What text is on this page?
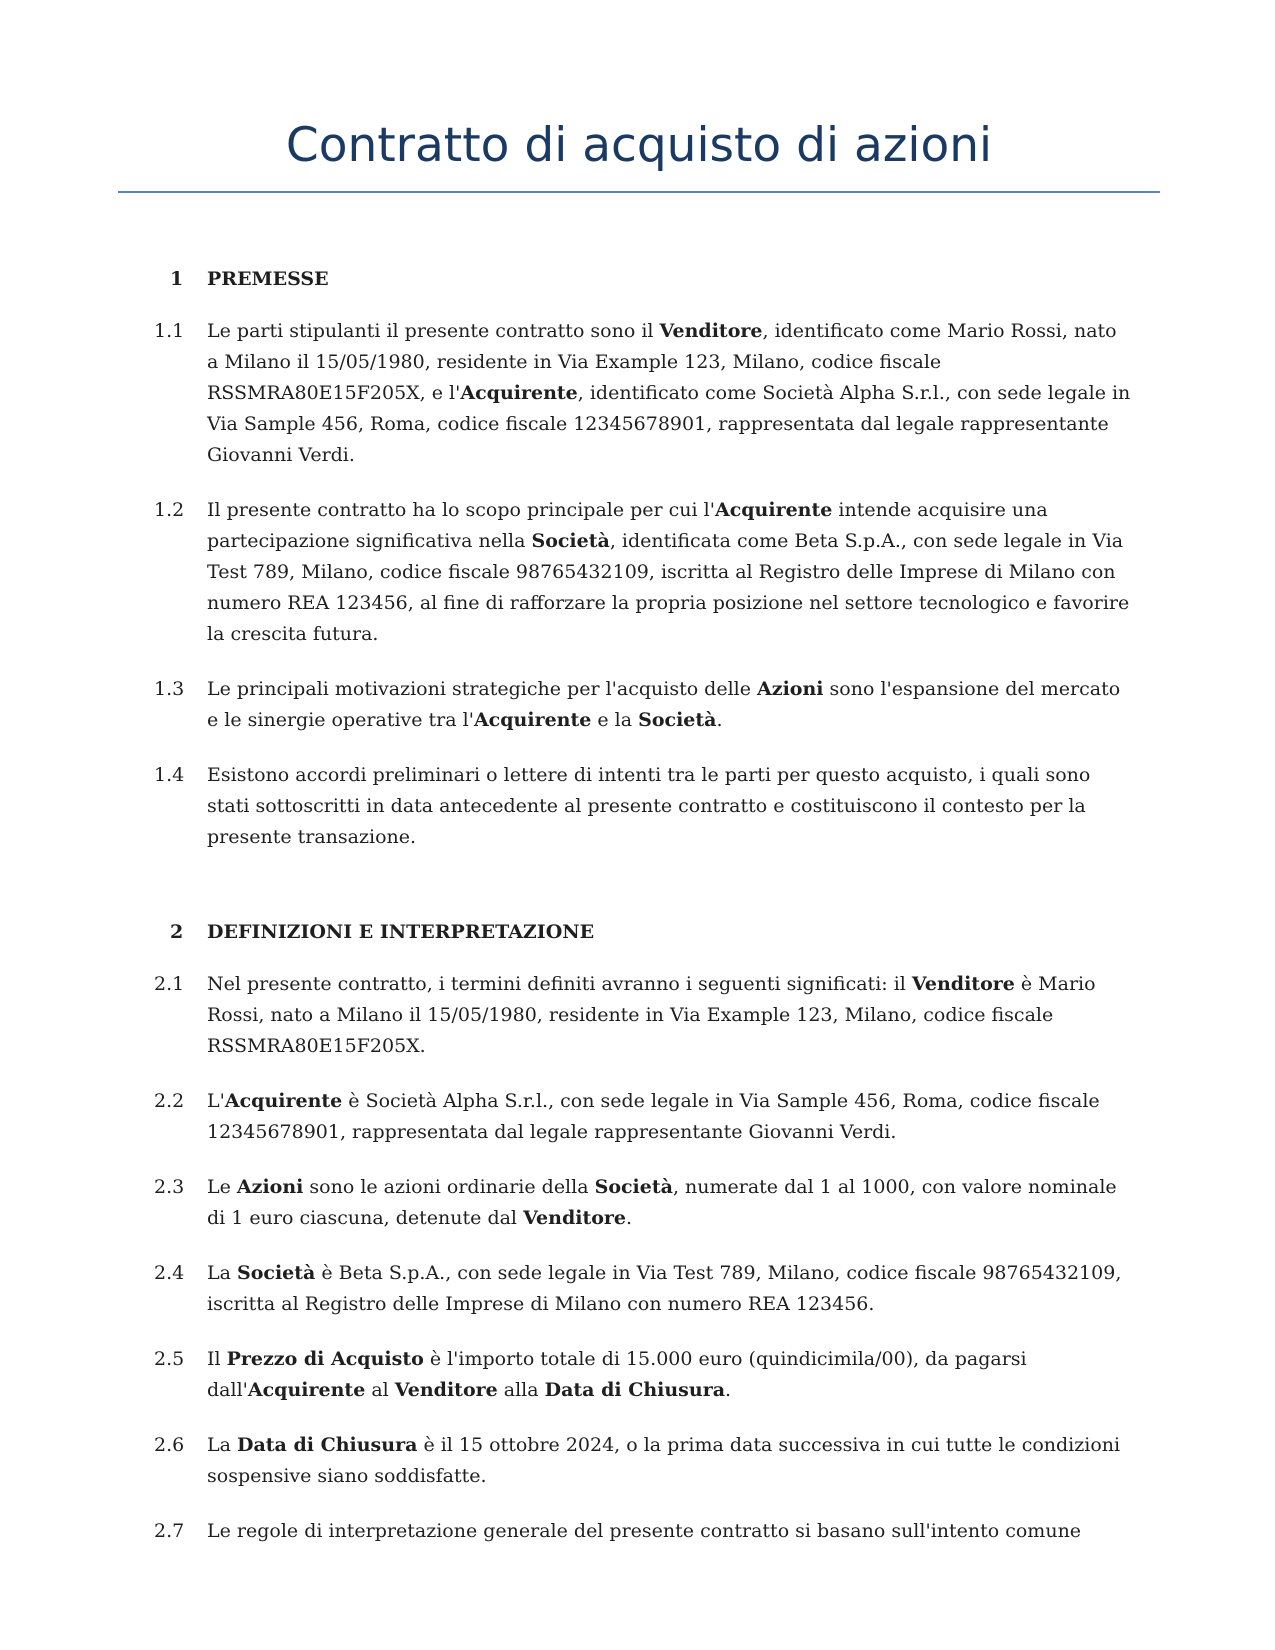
Contratto di acquisto di azioni
1 PREMESSE
1.1 Le parti stipulanti il presente contratto sono il Venditore, identificato come Mario Rossi, nato a Milano il 15/05/1980, residente in Via Example 123, Milano, codice fiscale RSSMRA80E15F205X, e l'Acquirente, identificato come Società Alpha S.r.l., con sede legale in Via Sample 456, Roma, codice fiscale 12345678901, rappresentata dal legale rappresentante Giovanni Verdi.
1.2 Il presente contratto ha lo scopo principale per cui l'Acquirente intende acquisire una partecipazione significativa nella Società, identificata come Beta S.p.A., con sede legale in Via Test 789, Milano, codice fiscale 98765432109, iscritta al Registro delle Imprese di Milano con numero REA 123456, al fine di rafforzare la propria posizione nel settore tecnologico e favorire la crescita futura.
1.3 Le principali motivazioni strategiche per l'acquisto delle Azioni sono l'espansione del mercato e le sinergie operative tra l'Acquirente e la Società.
1.4 Esistono accordi preliminari o lettere di intenti tra le parti per questo acquisto, i quali sono stati sottoscritti in data antecedente al presente contratto e costituiscono il contesto per la presente transazione.
2 DEFINIZIONI E INTERPRETAZIONE
2.1 Nel presente contratto, i termini definiti avranno i seguenti significati: il Venditore è Mario Rossi, nato a Milano il 15/05/1980, residente in Via Example 123, Milano, codice fiscale RSSMRA80E15F205X.
2.2 L'Acquirente è Società Alpha S.r.l., con sede legale in Via Sample 456, Roma, codice fiscale 12345678901, rappresentata dal legale rappresentante Giovanni Verdi.
2.3 Le Azioni sono le azioni ordinarie della Società, numerate dal 1 al 1000, con valore nominale di 1 euro ciascuna, detenute dal Venditore.
2.4 La Società è Beta S.p.A., con sede legale in Via Test 789, Milano, codice fiscale 98765432109, iscritta al Registro delle Imprese di Milano con numero REA 123456.
2.5 Il Prezzo di Acquisto è l'importo totale di 15.000 euro (quindicimila/00), da pagarsi dall'Acquirente al Venditore alla Data di Chiusura.
2.6 La Data di Chiusura è il 15 ottobre 2024, o la prima data successiva in cui tutte le condizioni sospensive siano soddisfatte.
2.7 Le regole di interpretazione generale del presente contratto si basano sull'intento comune
